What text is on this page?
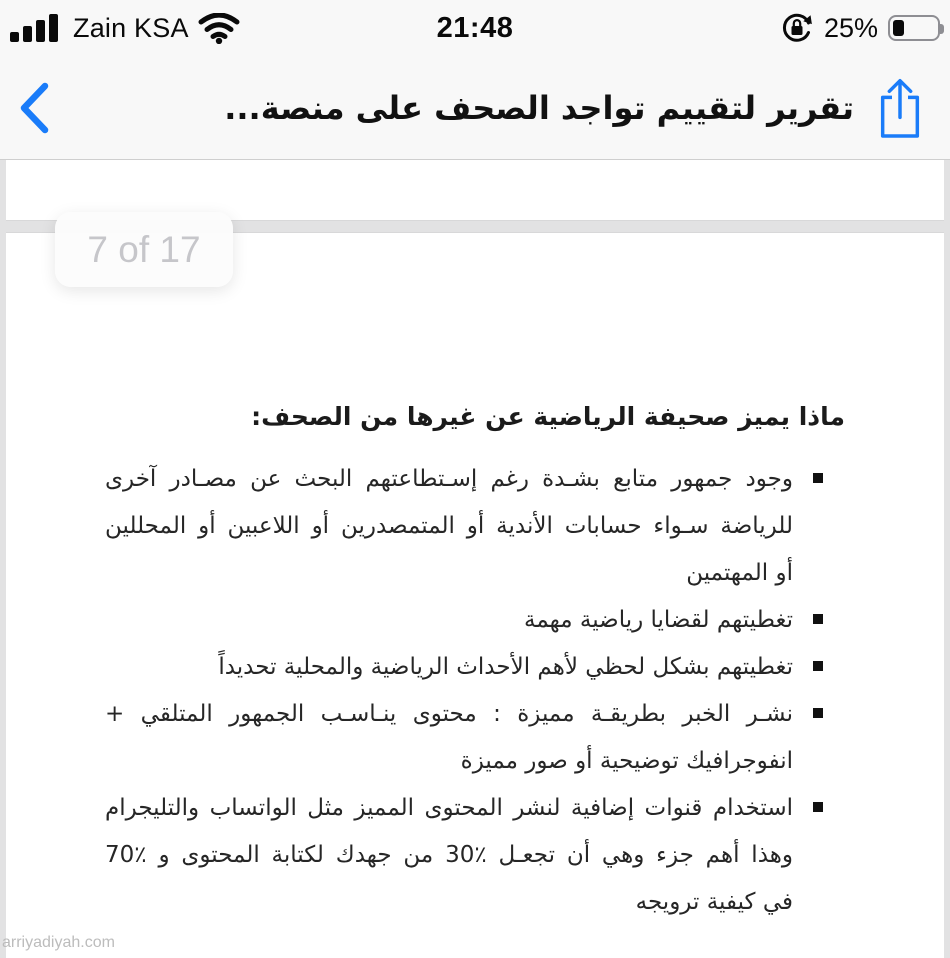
Zain KSA	21:48	25%
تقرير لتقييم تواجد الصحف على منصة...
ماذا يميز صحيفة الرياضية عن غيرها من الصحف:
وجود جمهور متابع بشـدة رغم إسـتطاعتهم البحث عن مصـادر آخرى
للرياضة سـواء حسابات الأندية أو المتمصدرين أو اللاعبين أو المحللين
أو المهتمين
تغطيتهم لقضايا رياضية مهمة
تغطيتهم بشكل لحظي لأهم الأحداث الرياضية والمحلية تحديداً
نشـر الخبر بطريقـة مميزة : محتوى ينـاسـب الجمهور المتلقي +
انفوجرافيك توضيحية أو صور مميزة
استخدام قنوات إضافية لنشر المحتوى المميز مثل الواتساب والتليجرام
وهذا أهم جزء وهي أن تجعـل ٪30 من جهدك لكتابة المحتوى و ٪70
في كيفية ترويجه
7 of 17
arriyadiyah.com
